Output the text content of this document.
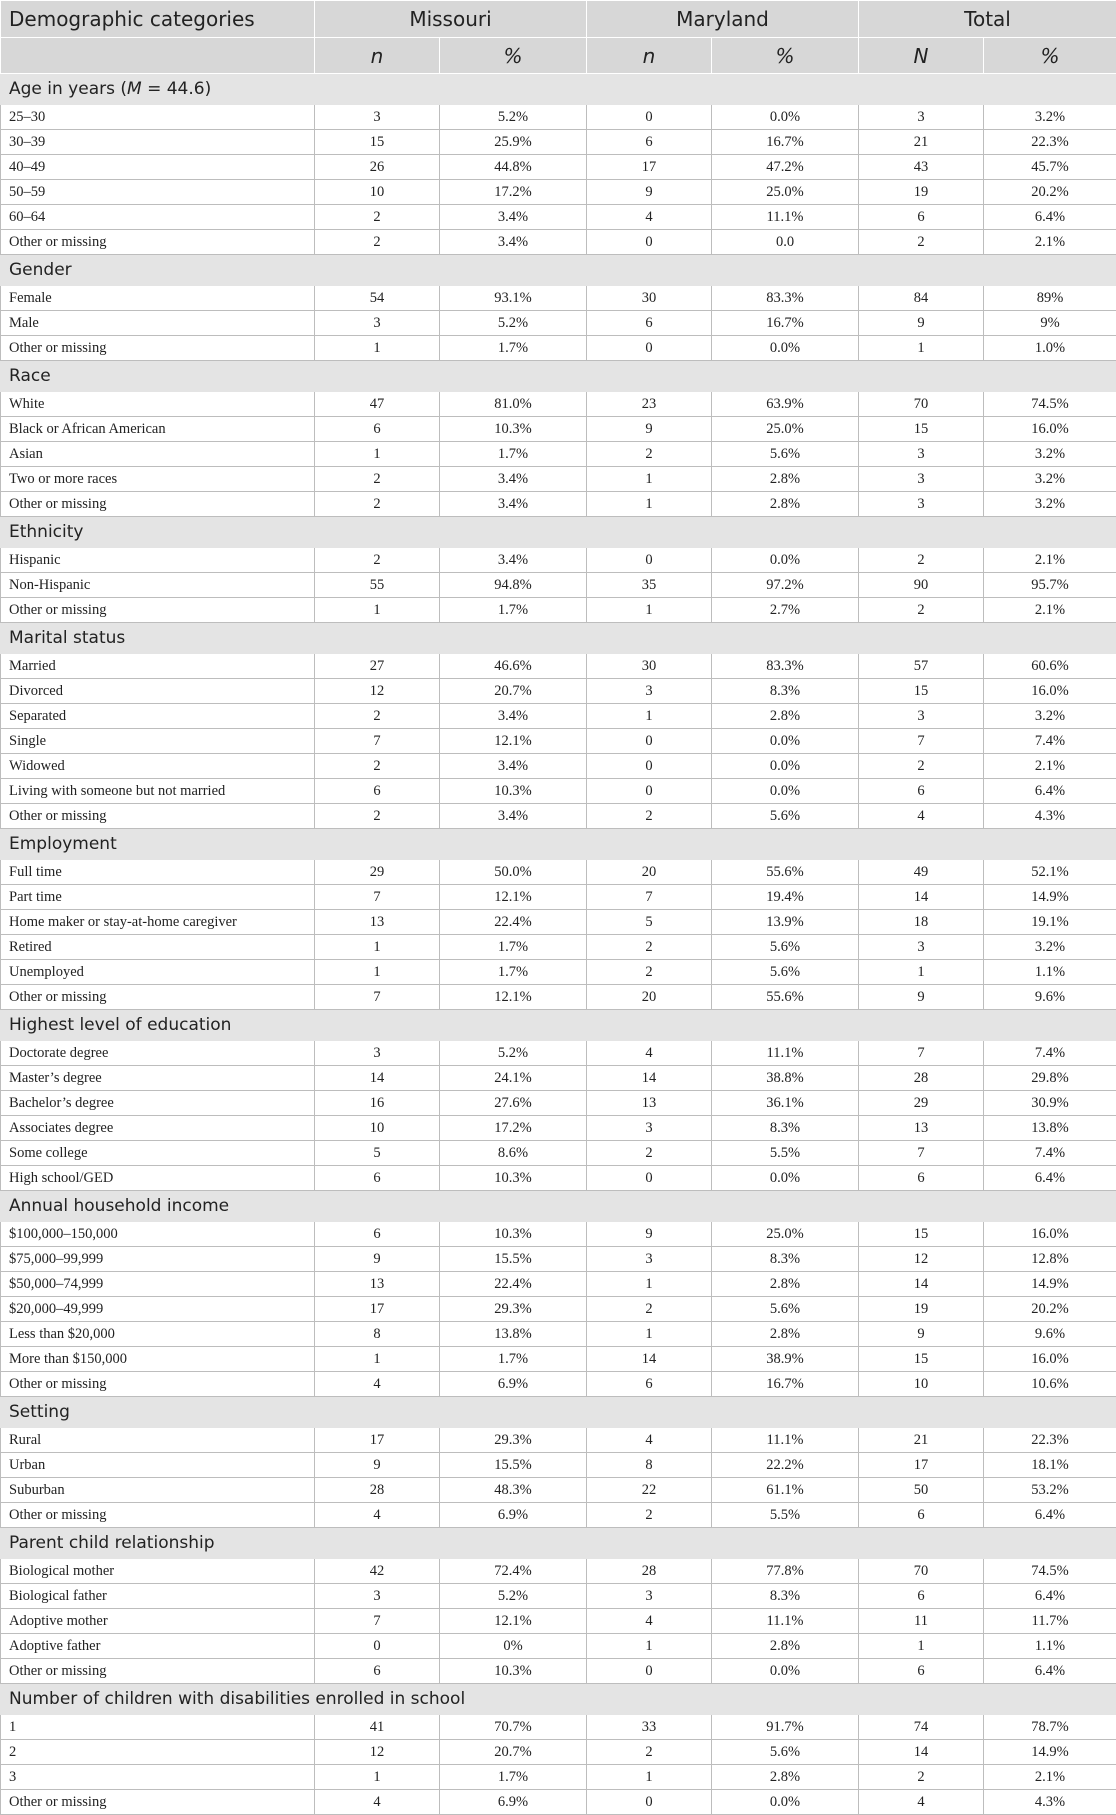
Demographic categories	Missouri		Maryland		Total	
	n	%	n	%	N	%
Age in years (M = 44.6)						
25–30	3	5.2%	0	0.0%	3	3.2%
30–39	15	25.9%	6	16.7%	21	22.3%
40–49	26	44.8%	17	47.2%	43	45.7%
50–59	10	17.2%	9	25.0%	19	20.2%
60–64	2	3.4%	4	11.1%	6	6.4%
Other or missing	2	3.4%	0	0.0	2	2.1%
Gender						
Female	54	93.1%	30	83.3%	84	89%
Male	3	5.2%	6	16.7%	9	9%
Other or missing	1	1.7%	0	0.0%	1	1.0%
Race						
White	47	81.0%	23	63.9%	70	74.5%
Black or African American	6	10.3%	9	25.0%	15	16.0%
Asian	1	1.7%	2	5.6%	3	3.2%
Two or more races	2	3.4%	1	2.8%	3	3.2%
Other or missing	2	3.4%	1	2.8%	3	3.2%
Ethnicity						
Hispanic	2	3.4%	0	0.0%	2	2.1%
Non-Hispanic	55	94.8%	35	97.2%	90	95.7%
Other or missing	1	1.7%	1	2.7%	2	2.1%
Marital status						
Married	27	46.6%	30	83.3%	57	60.6%
Divorced	12	20.7%	3	8.3%	15	16.0%
Separated	2	3.4%	1	2.8%	3	3.2%
Single	7	12.1%	0	0.0%	7	7.4%
Widowed	2	3.4%	0	0.0%	2	2.1%
Living with someone but not married	6	10.3%	0	0.0%	6	6.4%
Other or missing	2	3.4%	2	5.6%	4	4.3%
Employment						
Full time	29	50.0%	20	55.6%	49	52.1%
Part time	7	12.1%	7	19.4%	14	14.9%
Home maker or stay-at-home caregiver	13	22.4%	5	13.9%	18	19.1%
Retired	1	1.7%	2	5.6%	3	3.2%
Unemployed	1	1.7%	2	5.6%	1	1.1%
Other or missing	7	12.1%	20	55.6%	9	9.6%
Highest level of education						
Doctorate degree	3	5.2%	4	11.1%	7	7.4%
Master’s degree	14	24.1%	14	38.8%	28	29.8%
Bachelor’s degree	16	27.6%	13	36.1%	29	30.9%
Associates degree	10	17.2%	3	8.3%	13	13.8%
Some college	5	8.6%	2	5.5%	7	7.4%
High school/GED	6	10.3%	0	0.0%	6	6.4%
Annual household income						
$100,000–150,000	6	10.3%	9	25.0%	15	16.0%
$75,000–99,999	9	15.5%	3	8.3%	12	12.8%
$50,000–74,999	13	22.4%	1	2.8%	14	14.9%
$20,000–49,999	17	29.3%	2	5.6%	19	20.2%
Less than $20,000	8	13.8%	1	2.8%	9	9.6%
More than $150,000	1	1.7%	14	38.9%	15	16.0%
Other or missing	4	6.9%	6	16.7%	10	10.6%
Setting						
Rural	17	29.3%	4	11.1%	21	22.3%
Urban	9	15.5%	8	22.2%	17	18.1%
Suburban	28	48.3%	22	61.1%	50	53.2%
Other or missing	4	6.9%	2	5.5%	6	6.4%
Parent child relationship						
Biological mother	42	72.4%	28	77.8%	70	74.5%
Biological father	3	5.2%	3	8.3%	6	6.4%
Adoptive mother	7	12.1%	4	11.1%	11	11.7%
Adoptive father	0	0%	1	2.8%	1	1.1%
Other or missing	6	10.3%	0	0.0%	6	6.4%
Number of children with disabilities enrolled in school						
1	41	70.7%	33	91.7%	74	78.7%
2	12	20.7%	2	5.6%	14	14.9%
3	1	1.7%	1	2.8%	2	2.1%
Other or missing	4	6.9%	0	0.0%	4	4.3%
